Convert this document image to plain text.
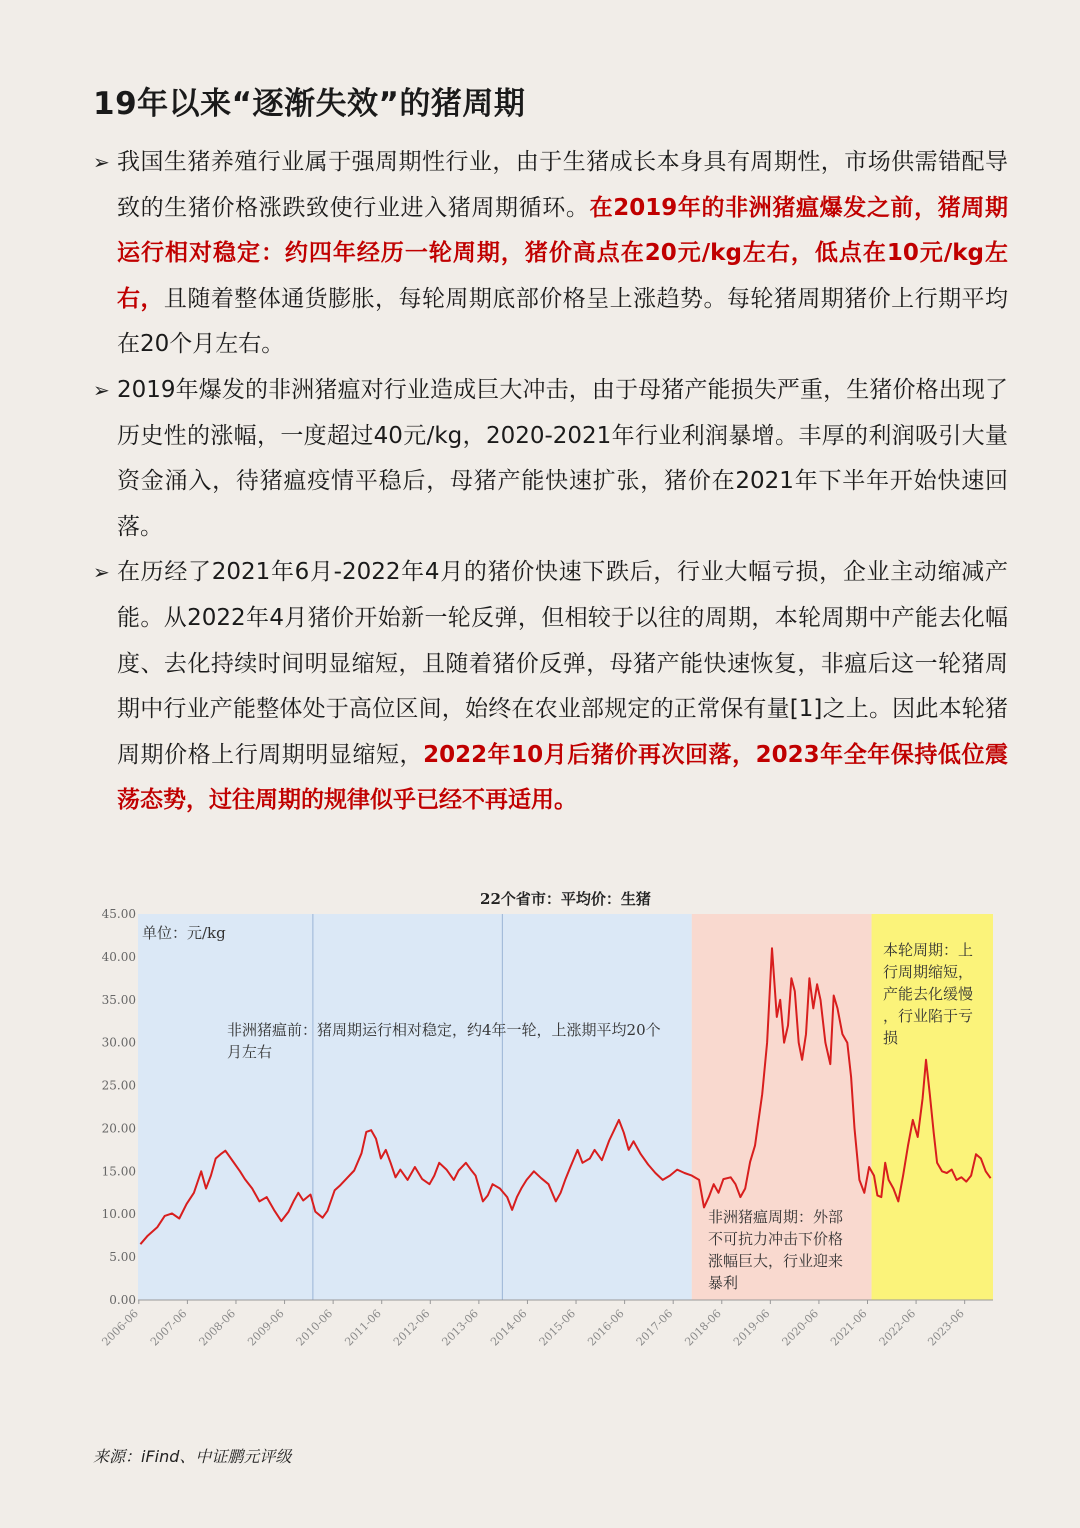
19年以来“逐渐失效”的猪周期
➢ 我国生猪养殖行业属于强周期性行业，由于生猪成长本身具有周期性，市场供需错配导致的生猪价格涨跌致使行业进入猪周期循环。在2019年的非洲猪瘟爆发之前，猪周期运行相对稳定：约四年经历一轮周期，猪价高点在20元/kg左右，低点在10元/kg左右，且随着整体通货膨胀，每轮周期底部价格呈上涨趋势。每轮猪周期猪价上行期平均在20个月左右。
➢ 2019年爆发的非洲猪瘟对行业造成巨大冲击，由于母猪产能损失严重，生猪价格出现了历史性的涨幅，一度超过40元/kg，2020-2021年行业利润暴增。丰厚的利润吸引大量资金涌入，待猪瘟疫情平稳后，母猪产能快速扩张，猪价在2021年下半年开始快速回落。
➢ 在历经了2021年6月-2022年4月的猪价快速下跌后，行业大幅亏损，企业主动缩减产能。从2022年4月猪价开始新一轮反弹，但相较于以往的周期，本轮周期中产能去化幅度、去化持续时间明显缩短，且随着猪价反弹，母猪产能快速恢复，非瘟后这一轮猪周期中行业产能整体处于高位区间，始终在农业部规定的正常保有量[1]之上。因此本轮猪周期价格上行周期明显缩短，2022年10月后猪价再次回落，2023年全年保持低位震荡态势，过往周期的规律似乎已经不再适用。
22个省市：平均价：生猪
0.00
5.00
10.00
15.00
20.00
25.00
30.00
35.00
40.00
45.00
2006-06 2007-06 2008-06 2009-06 2010-06 2011-06 2012-06 2013-06 2014-06 2015-06 2016-06 2017-06 2018-06 2019-06 2020-06 2021-06 2022-06 2023-06
单位：元/kg
非洲猪瘟前：猪周期运行相对稳定，约4年一轮，上涨期平均20个月左右
非洲猪瘟周期：外部不可抗力冲击下价格涨幅巨大，行业迎来暴利
本轮周期：上行周期缩短，产能去化缓慢，行业陷于亏损
来源：iFind、中证鹏元评级
